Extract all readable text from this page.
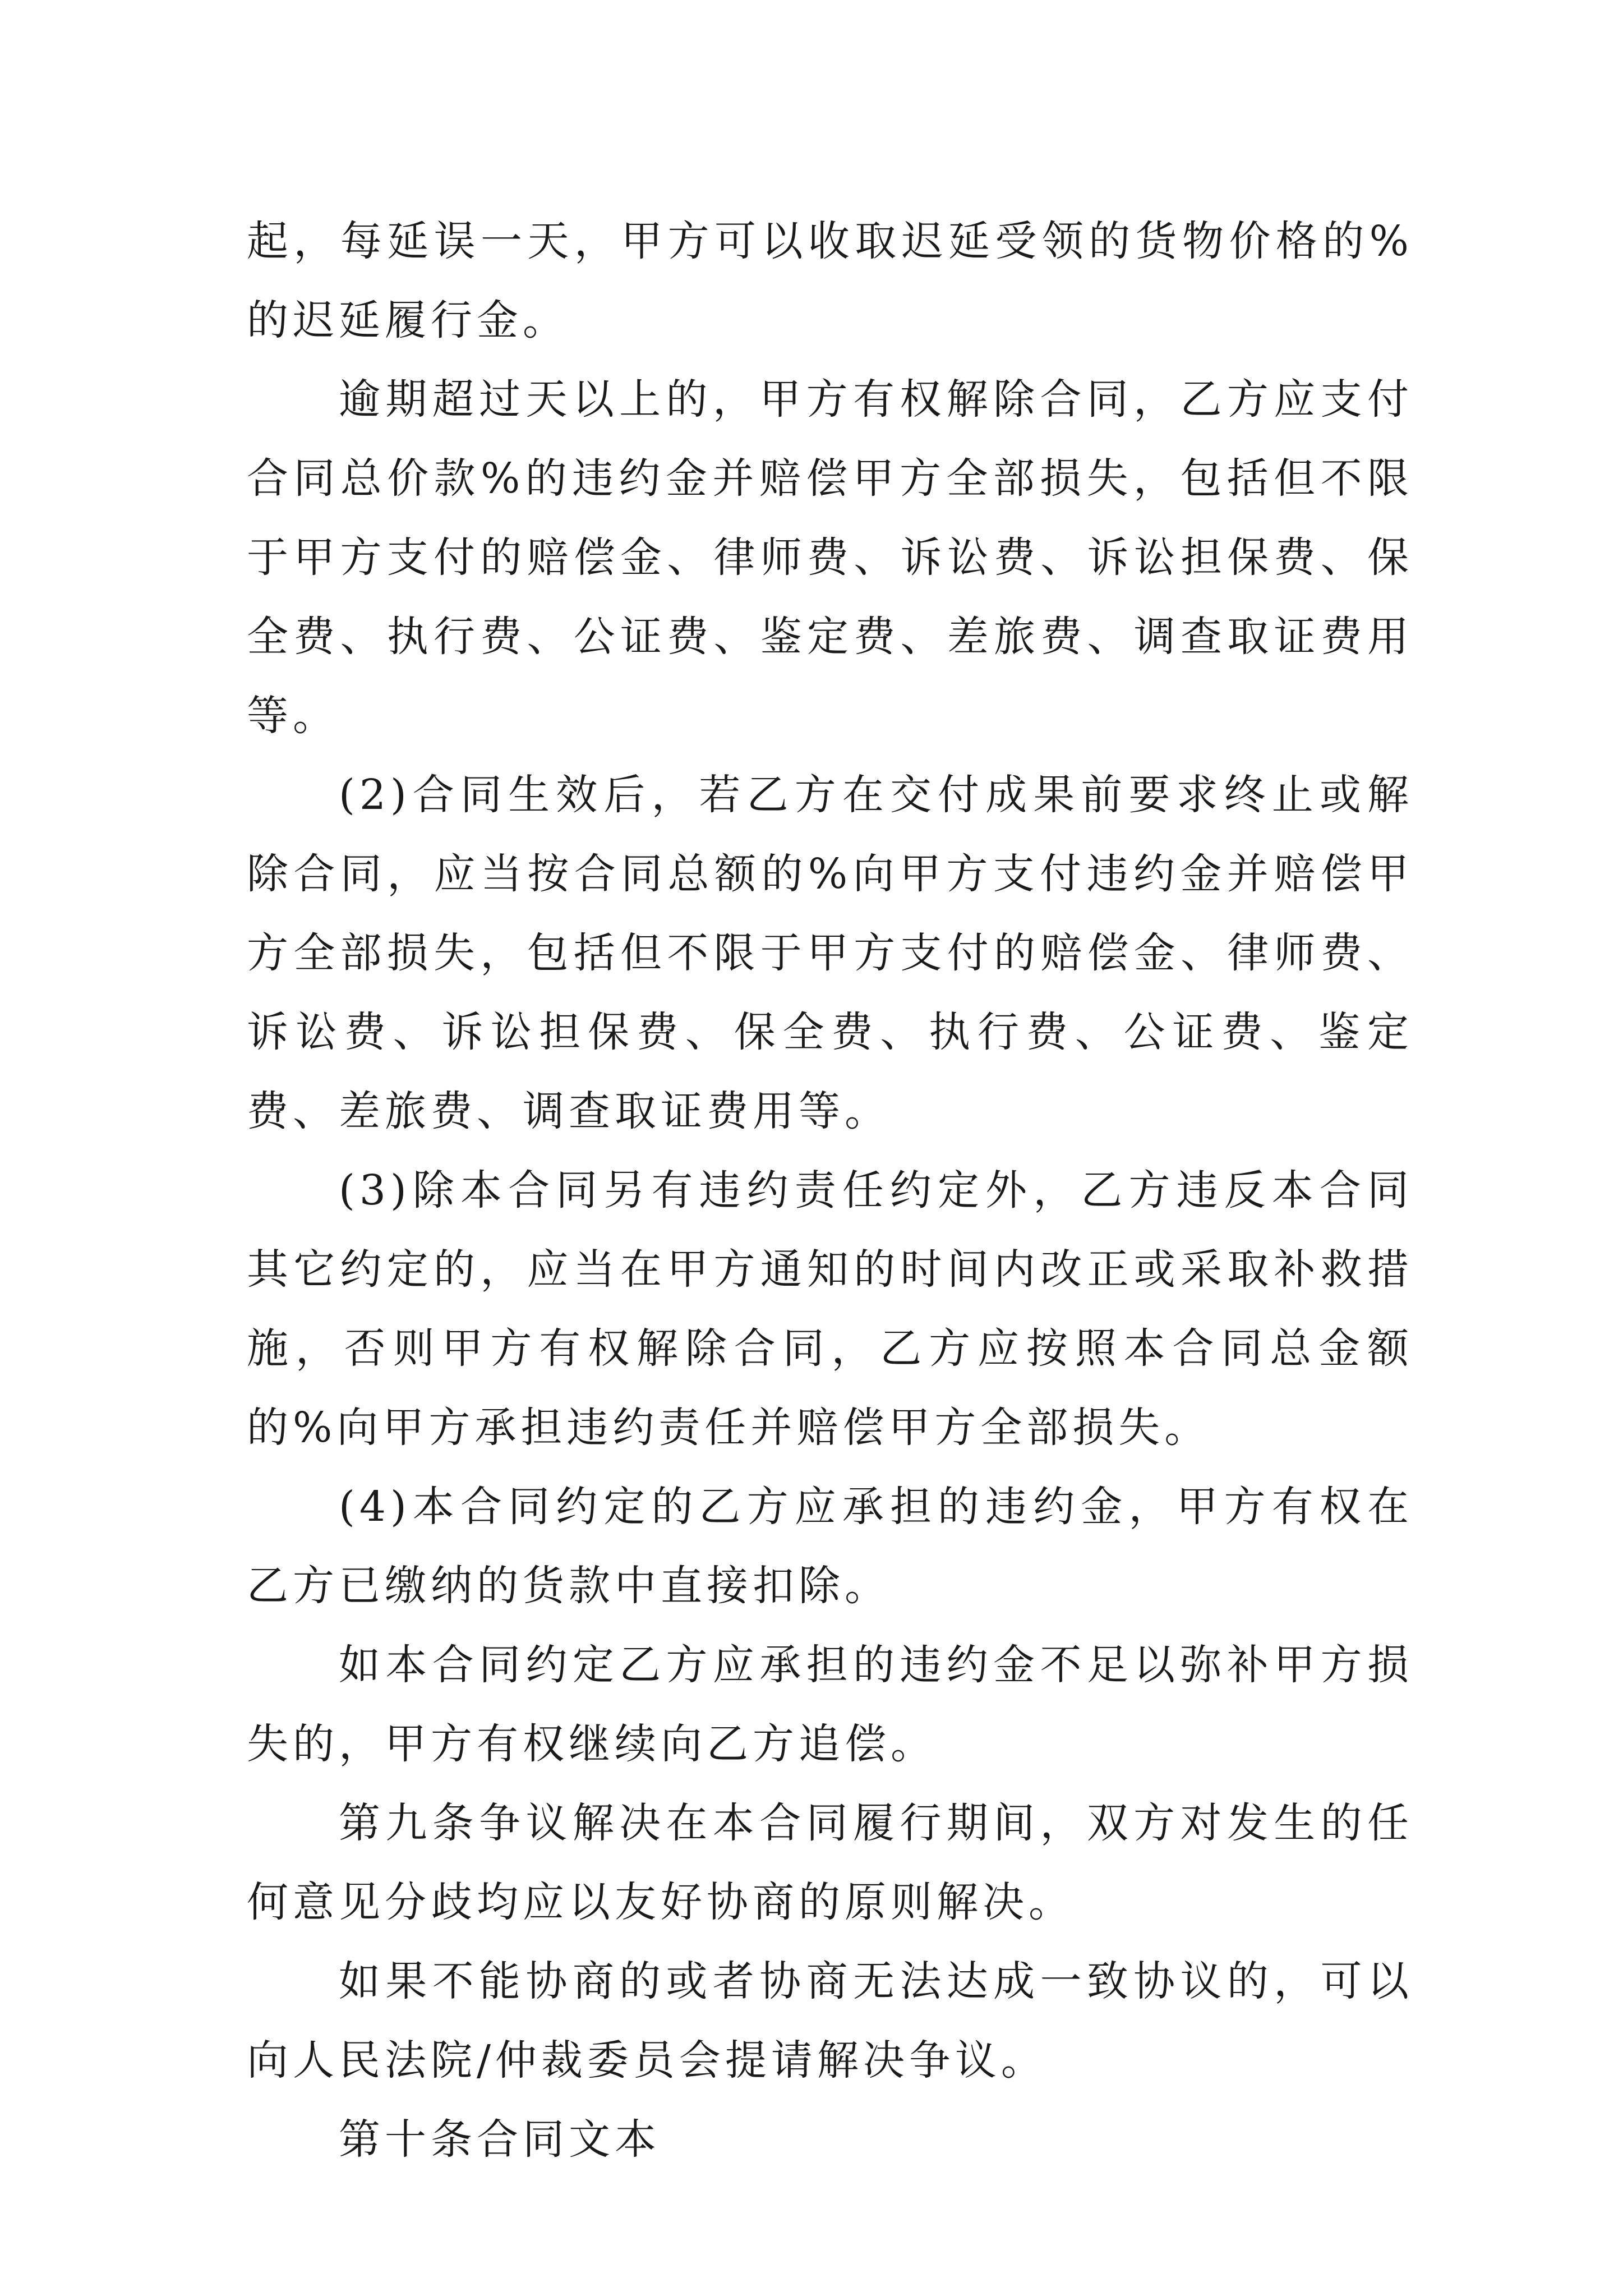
起，每延误一天，甲方可以收取迟延受领的货物价格的%的迟延履行金。

逾期超过天以上的，甲方有权解除合同，乙方应支付合同总价款%的违约金并赔偿甲方全部损失，包括但不限于甲方支付的赔偿金、律师费、诉讼费、诉讼担保费、保全费、执行费、公证费、鉴定费、差旅费、调查取证费用等。

(2)合同生效后，若乙方在交付成果前要求终止或解除合同，应当按合同总额的%向甲方支付违约金并赔偿甲方全部损失，包括但不限于甲方支付的赔偿金、律师费、诉讼费、诉讼担保费、保全费、执行费、公证费、鉴定费、差旅费、调查取证费用等。

(3)除本合同另有违约责任约定外，乙方违反本合同其它约定的，应当在甲方通知的时间内改正或采取补救措施，否则甲方有权解除合同，乙方应按照本合同总金额的%向甲方承担违约责任并赔偿甲方全部损失。

(4)本合同约定的乙方应承担的违约金，甲方有权在乙方已缴纳的货款中直接扣除。

如本合同约定乙方应承担的违约金不足以弥补甲方损失的，甲方有权继续向乙方追偿。

第九条争议解决在本合同履行期间，双方对发生的任何意见分歧均应以友好协商的原则解决。

如果不能协商的或者协商无法达成一致协议的，可以向人民法院/仲裁委员会提请解决争议。

第十条合同文本
